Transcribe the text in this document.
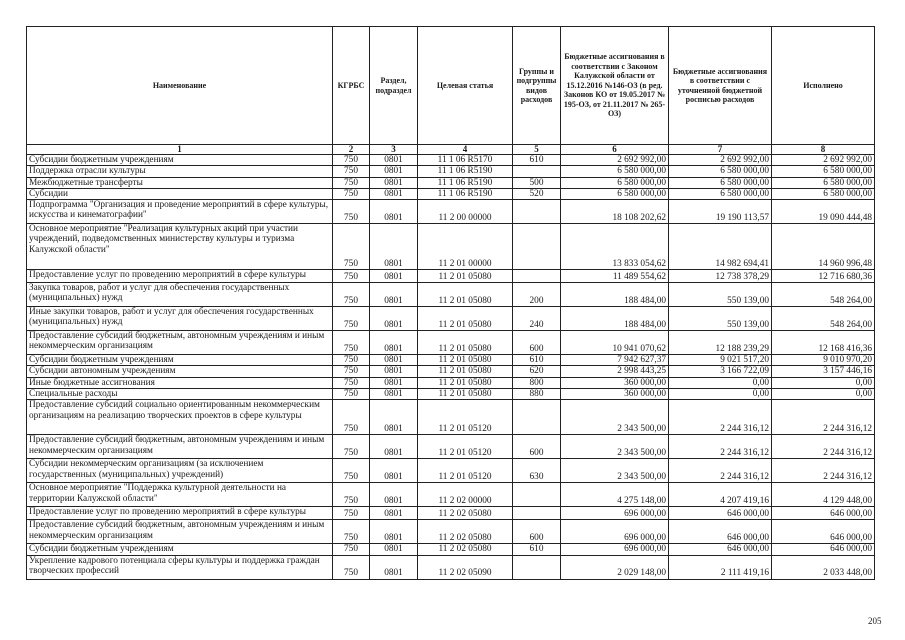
Наименование	КГРБС	Раздел, подраздел	Целевая статья	Группы и подгруппы видов расходов	Бюджетные ассигнования в соответствии с Законом Калужской области от 15.12.2016 №146-ОЗ (в ред. Законов КО от 19.05.2017 № 195-ОЗ, от 21.11.2017 № 265-ОЗ)	Бюджетные ассигнования в соответствии с уточненной бюджетной росписью расходов	Исполнено
1	2	3	4	5	6	7	8
Субсидии бюджетным учреждениям	750	0801	11 1 06 R5170	610	2 692 992,00	2 692 992,00	2 692 992,00
Поддержка отрасли культуры	750	0801	11 1 06 R5190		6 580 000,00	6 580 000,00	6 580 000,00
Межбюджетные трансферты	750	0801	11 1 06 R5190	500	6 580 000,00	6 580 000,00	6 580 000,00
Субсидии	750	0801	11 1 06 R5190	520	6 580 000,00	6 580 000,00	6 580 000,00
Подпрограмма "Организация и проведение мероприятий в сфере культуры, искусства и кинематографии"	750	0801	11 2 00 00000		18 108 202,62	19 190 113,57	19 090 444,48
Основное мероприятие "Реализация культурных акций при участии учреждений, подведомственных министерству культуры и туризма Калужской области"	750	0801	11 2 01 00000		13 833 054,62	14 982 694,41	14 960 996,48
Предоставление услуг по проведению мероприятий в сфере культуры	750	0801	11 2 01 05080		11 489 554,62	12 738 378,29	12 716 680,36
Закупка товаров, работ и услуг для обеспечения государственных (муниципальных) нужд	750	0801	11 2 01 05080	200	188 484,00	550 139,00	548 264,00
Иные закупки товаров, работ и услуг для обеспечения государственных (муниципальных) нужд	750	0801	11 2 01 05080	240	188 484,00	550 139,00	548 264,00
Предоставление субсидий бюджетным, автономным учреждениям и иным некоммерческим организациям	750	0801	11 2 01 05080	600	10 941 070,62	12 188 239,29	12 168 416,36
Субсидии бюджетным учреждениям	750	0801	11 2 01 05080	610	7 942 627,37	9 021 517,20	9 010 970,20
Субсидии автономным учреждениям	750	0801	11 2 01 05080	620	2 998 443,25	3 166 722,09	3 157 446,16
Иные бюджетные ассигнования	750	0801	11 2 01 05080	800	360 000,00	0,00	0,00
Специальные расходы	750	0801	11 2 01 05080	880	360 000,00	0,00	0,00
Предоставление субсидий социально ориентированным некоммерческим организациям на реализацию творческих проектов в сфере культуры	750	0801	11 2 01 05120		2 343 500,00	2 244 316,12	2 244 316,12
Предоставление субсидий бюджетным, автономным учреждениям и иным некоммерческим организациям	750	0801	11 2 01 05120	600	2 343 500,00	2 244 316,12	2 244 316,12
Субсидии некоммерческим организациям (за исключением государственных (муниципальных) учреждений)	750	0801	11 2 01 05120	630	2 343 500,00	2 244 316,12	2 244 316,12
Основное мероприятие "Поддержка культурной деятельности на территории Калужской области"	750	0801	11 2 02 00000		4 275 148,00	4 207 419,16	4 129 448,00
Предоставление услуг по проведению мероприятий в сфере культуры	750	0801	11 2 02 05080		696 000,00	646 000,00	646 000,00
Предоставление субсидий бюджетным, автономным учреждениям и иным некоммерческим организациям	750	0801	11 2 02 05080	600	696 000,00	646 000,00	646 000,00
Субсидии бюджетным учреждениям	750	0801	11 2 02 05080	610	696 000,00	646 000,00	646 000,00
Укрепление кадрового потенциала сферы культуры и поддержка граждан творческих профессий	750	0801	11 2 02 05090		2 029 148,00	2 111 419,16	2 033 448,00
205
